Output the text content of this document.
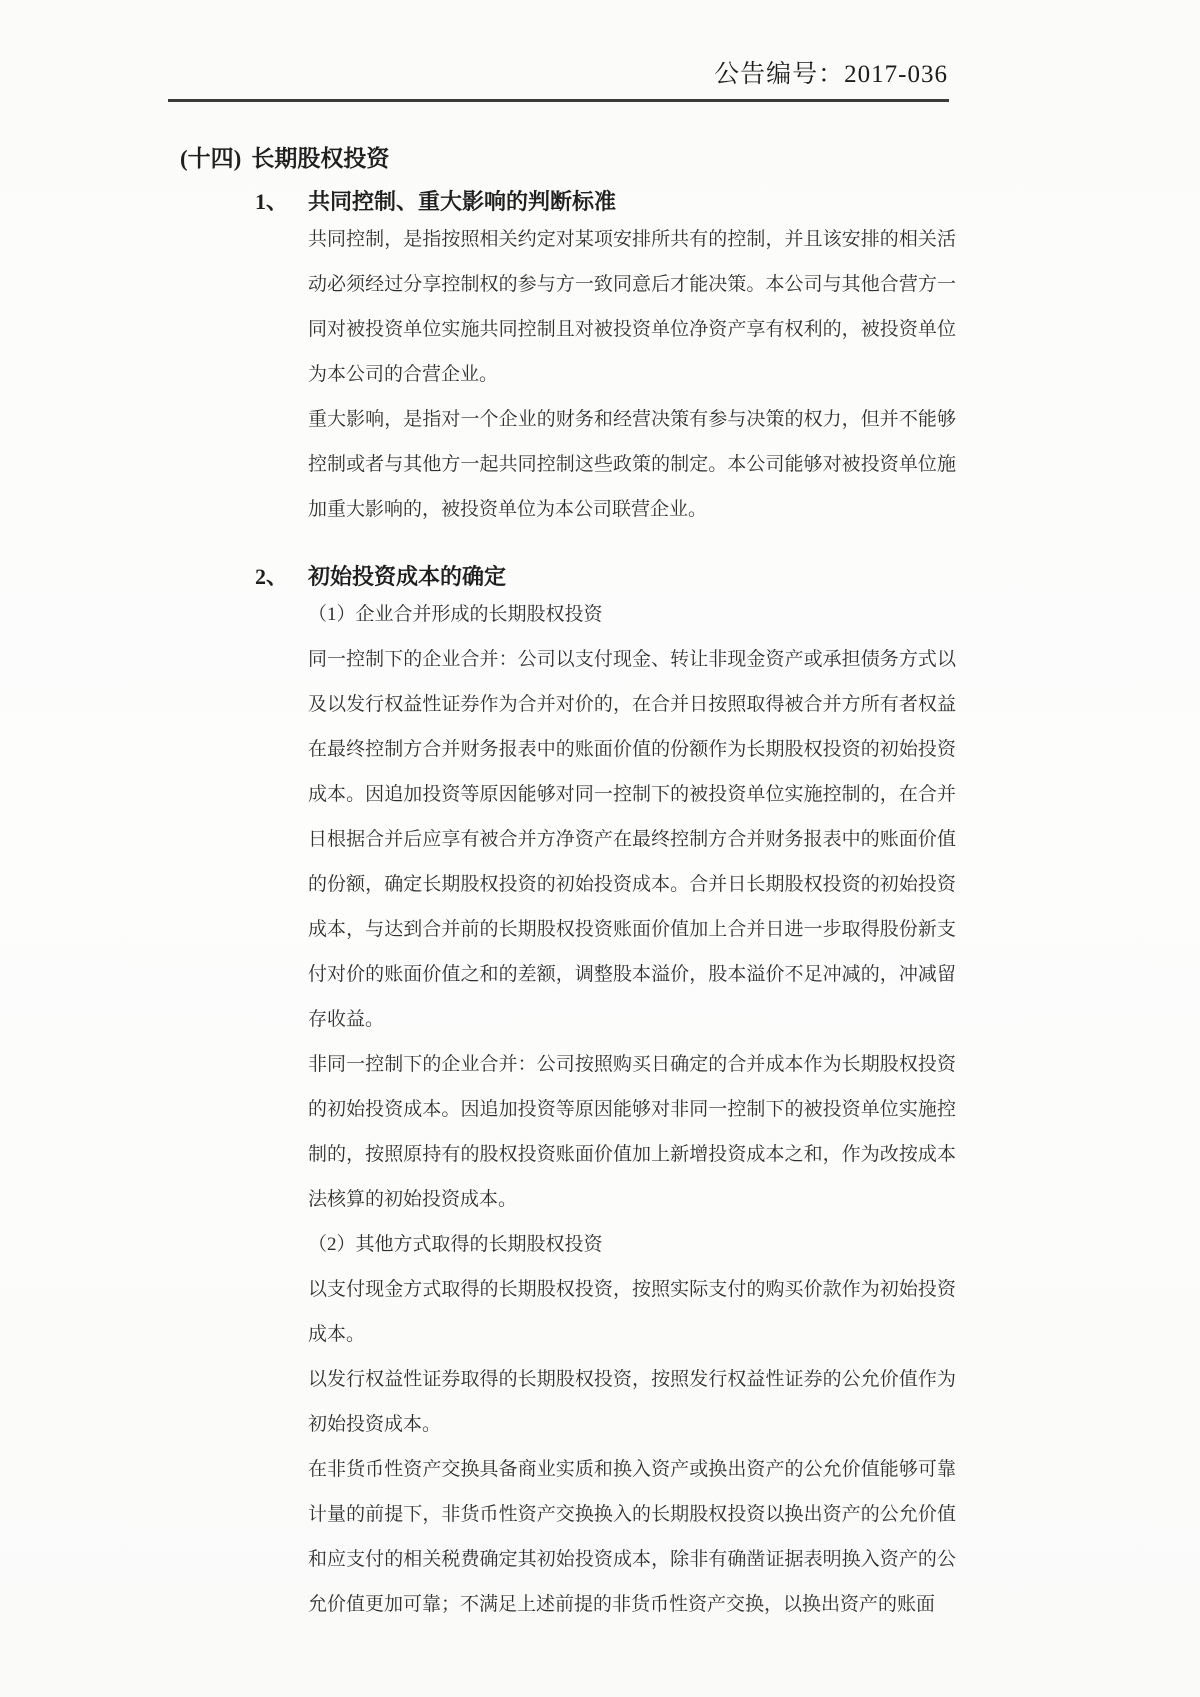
公告编号：2017-036
(十四) 长期股权投资
1、 共同控制、重大影响的判断标准

共同控制，是指按照相关约定对某项安排所共有的控制，并且该安排的相关活动必须经过分享控制权的参与方一致同意后才能决策。本公司与其他合营方一同对被投资单位实施共同控制且对被投资单位净资产享有权利的，被投资单位为本公司的合营企业。

重大影响，是指对一个企业的财务和经营决策有参与决策的权力，但并不能够控制或者与其他方一起共同控制这些政策的制定。本公司能够对被投资单位施加重大影响的，被投资单位为本公司联营企业。

2、 初始投资成本的确定

（1）企业合并形成的长期股权投资

同一控制下的企业合并：公司以支付现金、转让非现金资产或承担债务方式以及以发行权益性证券作为合并对价的，在合并日按照取得被合并方所有者权益在最终控制方合并财务报表中的账面价值的份额作为长期股权投资的初始投资成本。因追加投资等原因能够对同一控制下的被投资单位实施控制的，在合并日根据合并后应享有被合并方净资产在最终控制方合并财务报表中的账面价值的份额，确定长期股权投资的初始投资成本。合并日长期股权投资的初始投资成本，与达到合并前的长期股权投资账面价值加上合并日进一步取得股份新支付对价的账面价值之和的差额，调整股本溢价，股本溢价不足冲减的，冲减留存收益。

非同一控制下的企业合并：公司按照购买日确定的合并成本作为长期股权投资的初始投资成本。因追加投资等原因能够对非同一控制下的被投资单位实施控制的，按照原持有的股权投资账面价值加上新增投资成本之和，作为改按成本法核算的初始投资成本。

（2）其他方式取得的长期股权投资

以支付现金方式取得的长期股权投资，按照实际支付的购买价款作为初始投资成本。

以发行权益性证券取得的长期股权投资，按照发行权益性证券的公允价值作为初始投资成本。

在非货币性资产交换具备商业实质和换入资产或换出资产的公允价值能够可靠计量的前提下，非货币性资产交换换入的长期股权投资以换出资产的公允价值和应支付的相关税费确定其初始投资成本，除非有确凿证据表明换入资产的公允价值更加可靠；不满足上述前提的非货币性资产交换，以换出资产的账面
